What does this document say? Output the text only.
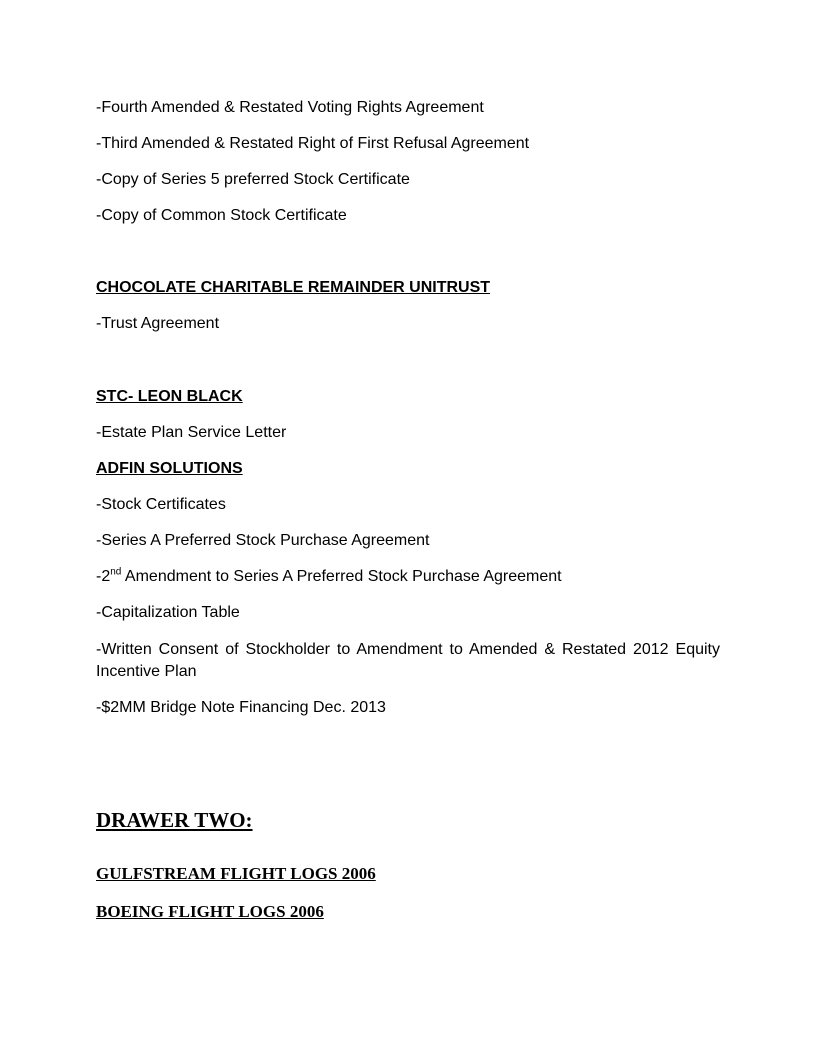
-Fourth Amended & Restated Voting Rights Agreement
-Third Amended & Restated Right of First Refusal Agreement
-Copy of Series 5 preferred Stock Certificate
-Copy of Common Stock Certificate
CHOCOLATE CHARITABLE REMAINDER UNITRUST
-Trust Agreement
STC- LEON BLACK
-Estate Plan Service Letter
ADFIN SOLUTIONS
-Stock Certificates
-Series A Preferred Stock Purchase Agreement
-2nd Amendment to Series A Preferred Stock Purchase Agreement
-Capitalization Table
-Written Consent of Stockholder to Amendment to Amended & Restated 2012 Equity Incentive Plan
-$2MM Bridge Note Financing Dec. 2013
DRAWER TWO:
GULFSTREAM FLIGHT LOGS 2006
BOEING FLIGHT LOGS 2006
